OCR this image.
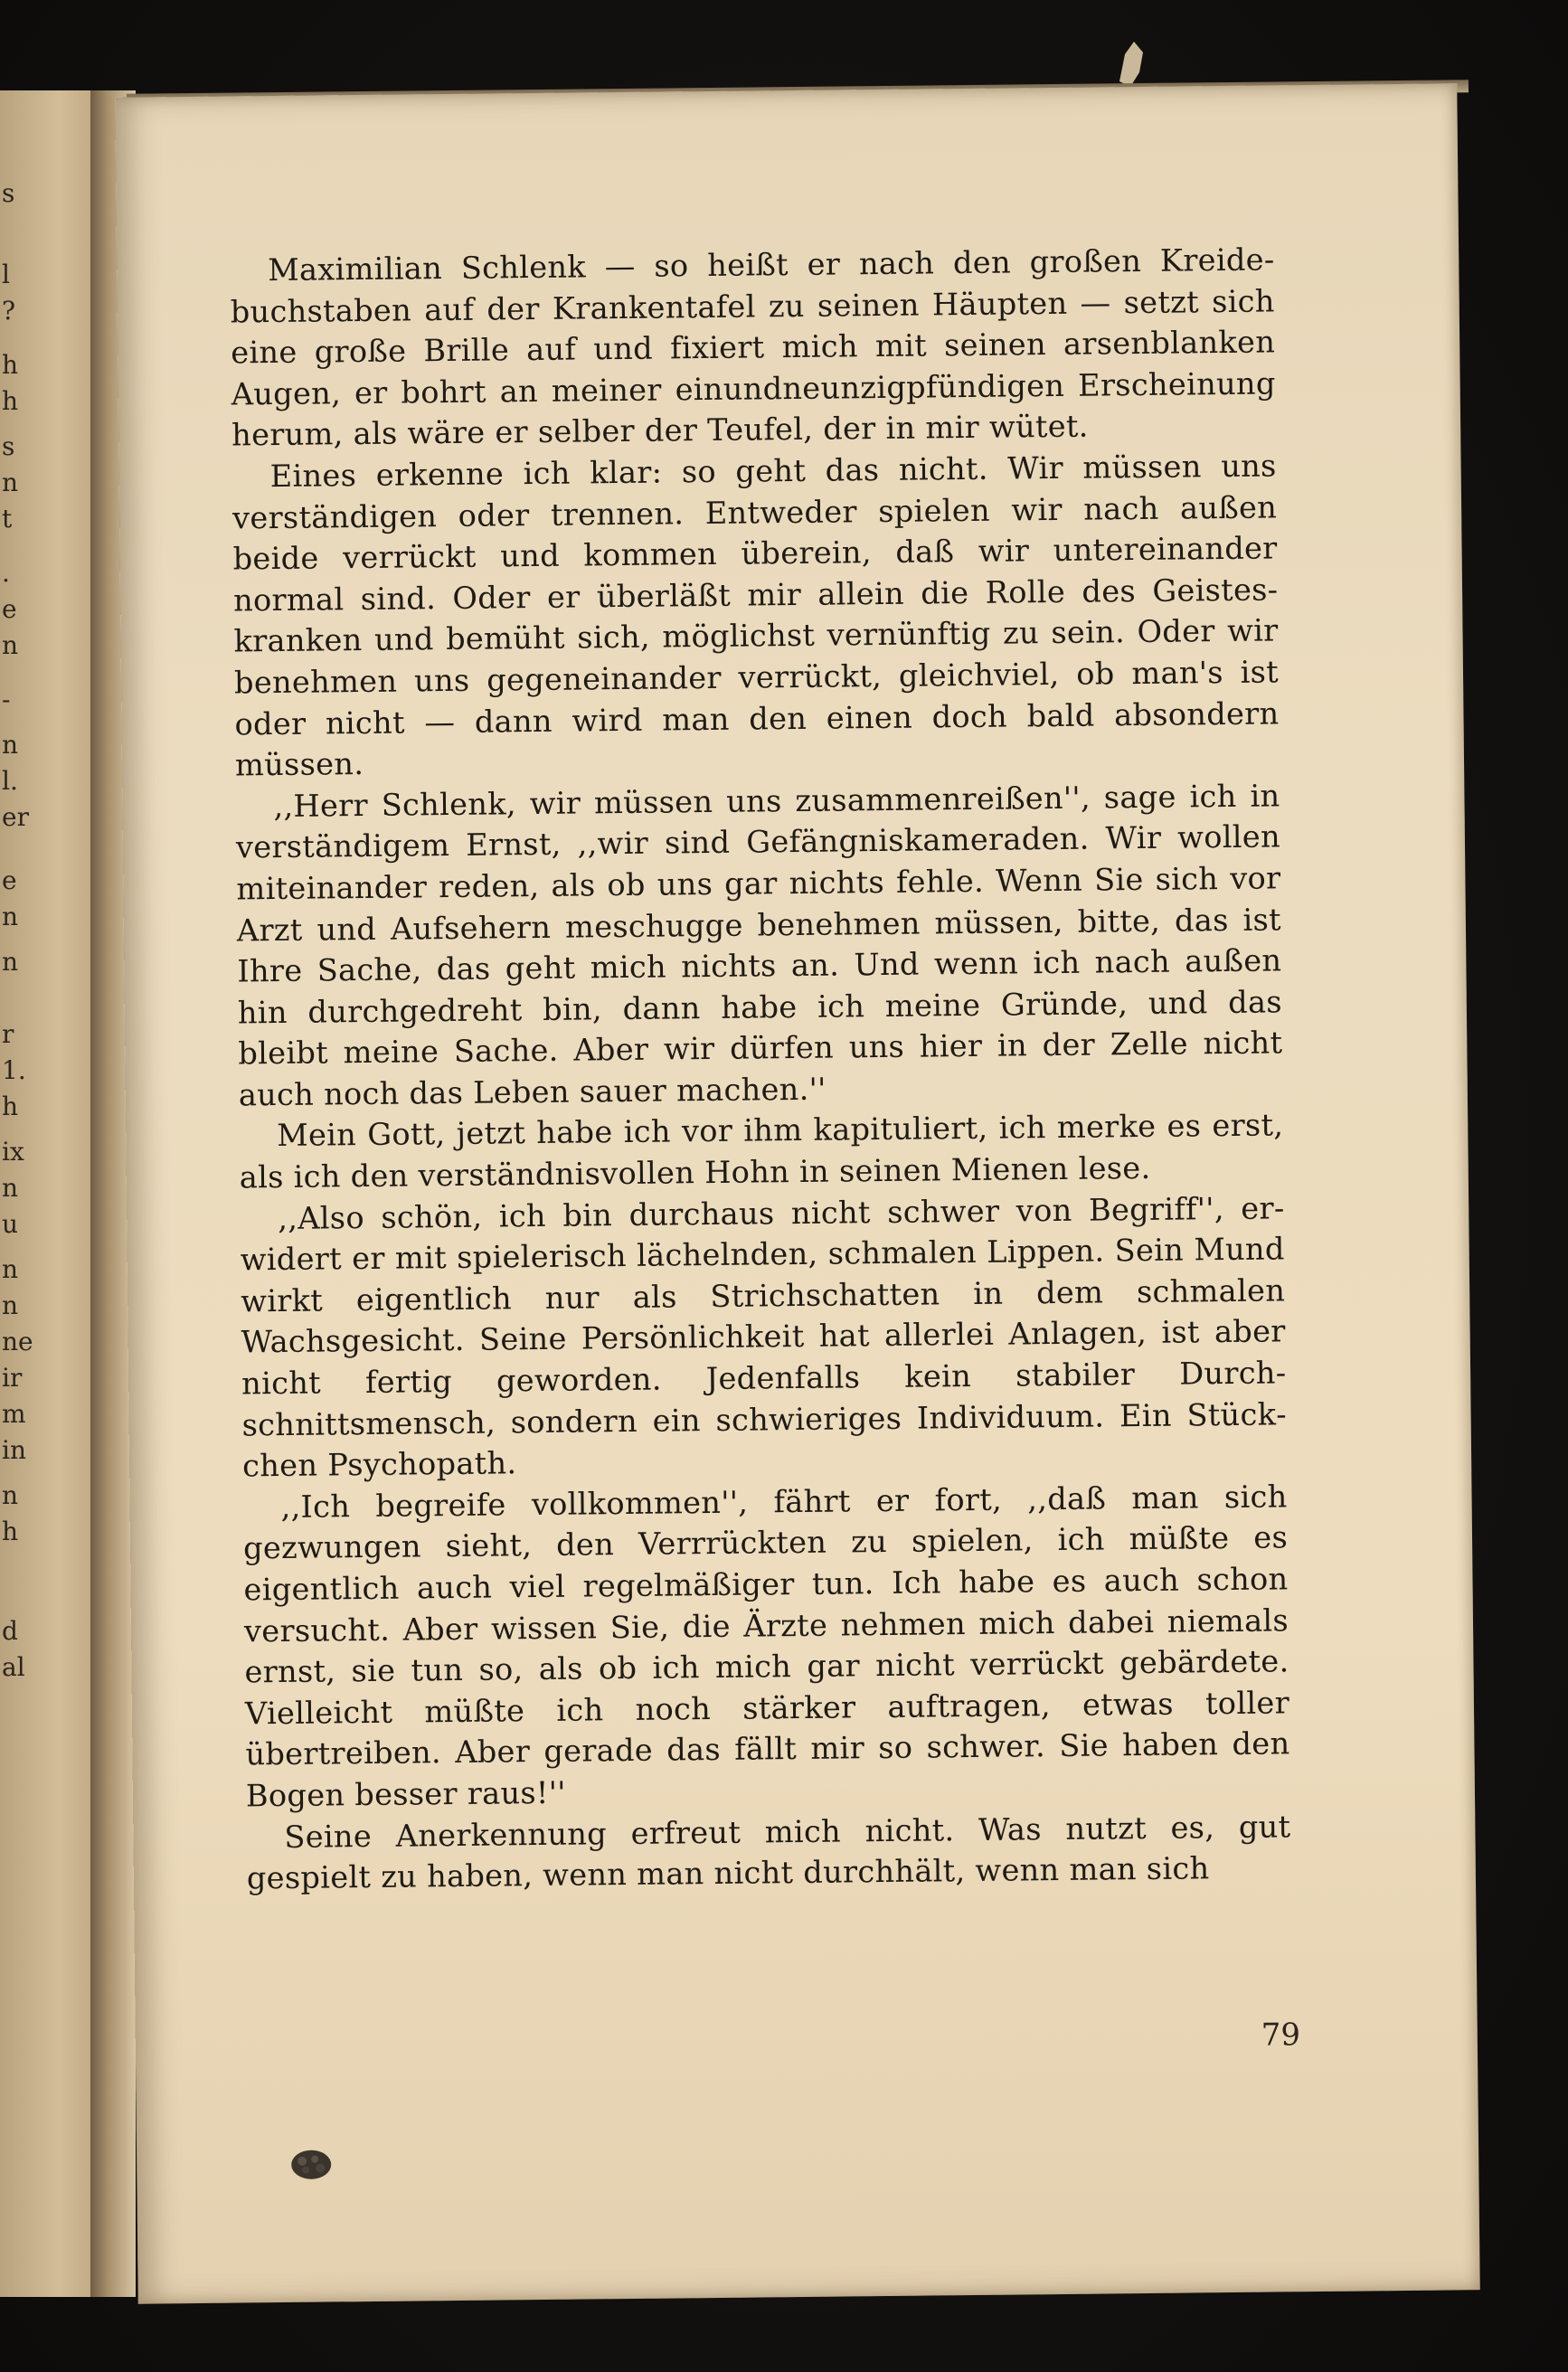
s
l
?
h
h
s
n
t
.
e
n
-
n
l.
er
e
n
n
r
1.
h
ix
n
u
n
n
ne
ir
m
in
n
h
d
al

Maximilian Schlenk — so heißt er nach den großen Kreidebuchstaben auf der Krankentafel zu seinen Häupten — setzt sich eine große Brille auf und fixiert mich mit seinen arsenblanken Augen, er bohrt an meiner einundneunzigpfündigen Erscheinung herum, als wäre er selber der Teufel, der in mir wütet.

Eines erkenne ich klar: so geht das nicht. Wir müssen uns verständigen oder trennen. Entweder spielen wir nach außen beide verrückt und kommen überein, daß wir untereinander normal sind. Oder er überläßt mir allein die Rolle des Geisteskranken und bemüht sich, möglichst vernünftig zu sein. Oder wir benehmen uns gegeneinander verrückt, gleichviel, ob man's ist oder nicht — dann wird man den einen doch bald absondern müssen.

,,Herr Schlenk, wir müssen uns zusammenreißen'', sage ich in verständigem Ernst, ,,wir sind Gefängniskameraden. Wir wollen miteinander reden, als ob uns gar nichts fehle. Wenn Sie sich vor Arzt und Aufsehern meschugge benehmen müssen, bitte, das ist Ihre Sache, das geht mich nichts an. Und wenn ich nach außen hin durchgedreht bin, dann habe ich meine Gründe, und das bleibt meine Sache. Aber wir dürfen uns hier in der Zelle nicht auch noch das Leben sauer machen.''

Mein Gott, jetzt habe ich vor ihm kapituliert, ich merke es erst, als ich den verständnisvollen Hohn in seinen Mienen lese.

,,Also schön, ich bin durchaus nicht schwer von Begriff'', erwidert er mit spielerisch lächelnden, schmalen Lippen. Sein Mund wirkt eigentlich nur als Strichschatten in dem schmalen Wachsgesicht. Seine Persönlichkeit hat allerlei Anlagen, ist aber nicht fertig geworden. Jedenfalls kein stabiler Durchschnittsmensch, sondern ein schwieriges Individuum. Ein Stückchen Psychopath.

,,Ich begreife vollkommen'', fährt er fort, ,,daß man sich gezwungen sieht, den Verrrückten zu spielen, ich müßte es eigentlich auch viel regelmäßiger tun. Ich habe es auch schon versucht. Aber wissen Sie, die Ärzte nehmen mich dabei niemals ernst, sie tun so, als ob ich mich gar nicht verrückt gebärdete. Vielleicht müßte ich noch stärker auftragen, etwas toller übertreiben. Aber gerade das fällt mir so schwer. Sie haben den Bogen besser raus!''

Seine Anerkennung erfreut mich nicht. Was nutzt es, gut gespielt zu haben, wenn man nicht durchhält, wenn man sich

79
